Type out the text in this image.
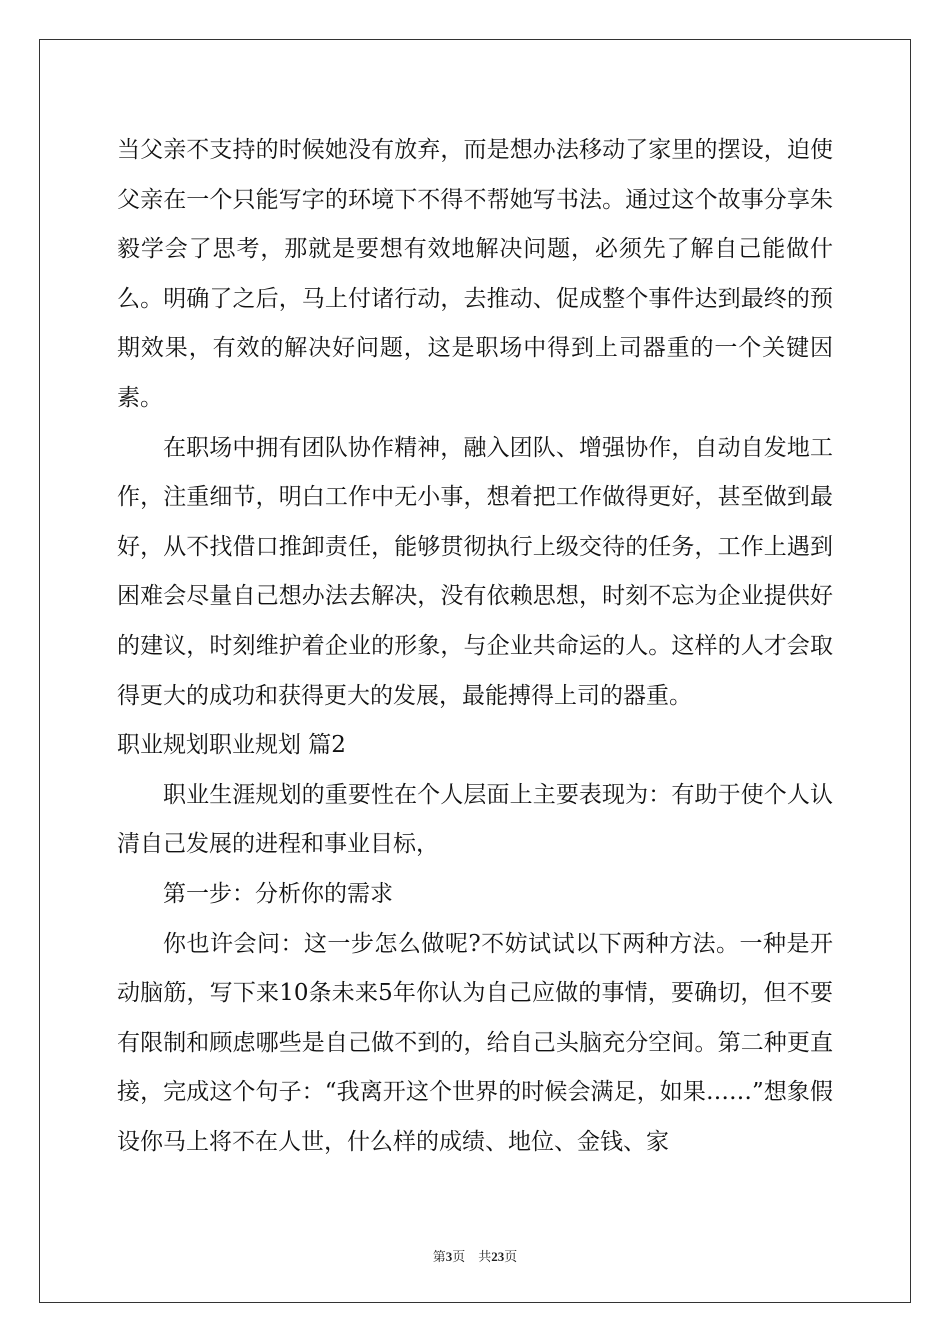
当父亲不支持的时候她没有放弃，而是想办法移动了家里的摆设，迫使父亲在一个只能写字的环境下不得不帮她写书法。通过这个故事分享朱毅学会了思考，那就是要想有效地解决问题，必须先了解自己能做什么。明确了之后，马上付诸行动，去推动、促成整个事件达到最终的预期效果，有效的解决好问题，这是职场中得到上司器重的一个关键因素。

在职场中拥有团队协作精神，融入团队、增强协作，自动自发地工作，注重细节，明白工作中无小事，想着把工作做得更好，甚至做到最好，从不找借口推卸责任，能够贯彻执行上级交待的任务，工作上遇到困难会尽量自己想办法去解决，没有依赖思想，时刻不忘为企业提供好的建议，时刻维护着企业的形象，与企业共命运的人。这样的人才会取得更大的成功和获得更大的发展，最能搏得上司的器重。

职业规划职业规划 篇2

职业生涯规划的重要性在个人层面上主要表现为：有助于使个人认清自己发展的进程和事业目标，

第一步：分析你的需求

你也许会问：这一步怎么做呢?不妨试试以下两种方法。一种是开动脑筋，写下来10条未来5年你认为自己应做的事情，要确切，但不要有限制和顾虑哪些是自己做不到的，给自己头脑充分空间。第二种更直接，完成这个句子：“我离开这个世界的时候会满足，如果……”想象假设你马上将不在人世，什么样的成绩、地位、金钱、家

第3页　共23页
